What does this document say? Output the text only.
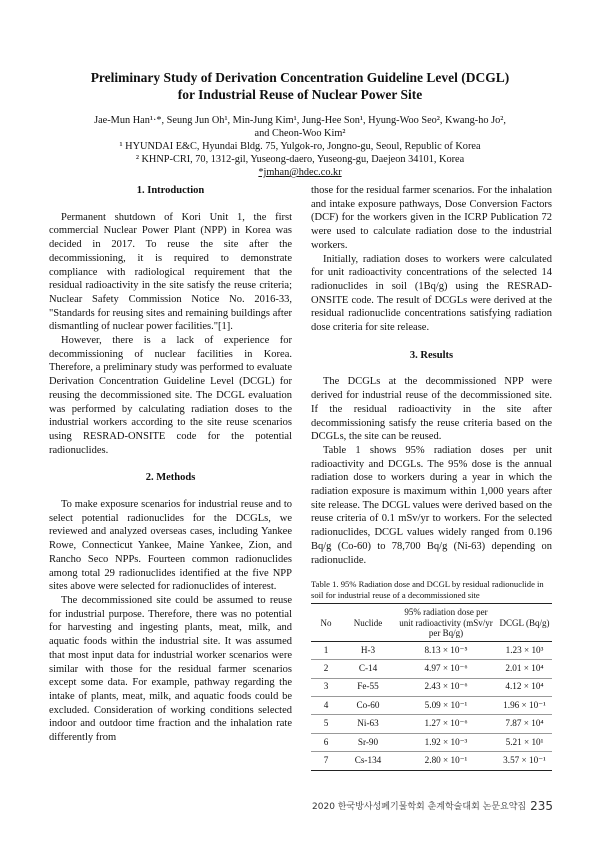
Preliminary Study of Derivation Concentration Guideline Level (DCGL)
for Industrial Reuse of Nuclear Power Site
Jae-Mun Han¹·*, Seung Jun Oh¹, Min-Jung Kim¹, Jung-Hee Son¹, Hyung-Woo Seo², Kwang-ho Jo²,
and Cheon-Woo Kim²
¹ HYUNDAI E&C, Hyundai Bldg. 75, Yulgok-ro, Jongno-gu, Seoul, Republic of Korea
² KHNP-CRI, 70, 1312-gil, Yuseong-daero, Yuseong-gu, Daejeon 34101, Korea
*jmhan@hdec.co.kr

1. Introduction

Permanent shutdown of Kori Unit 1, the first commercial Nuclear Power Plant (NPP) in Korea was decided in 2017. To reuse the site after the decommissioning, it is required to demonstrate compliance with radiological requirement that the residual radioactivity in the site satisfy the reuse criteria; Nuclear Safety Commission Notice No. 2016-33, "Standards for reusing sites and remaining buildings after dismantling of nuclear power facilities."[1].

However, there is a lack of experience for decommissioning of nuclear facilities in Korea. Therefore, a preliminary study was performed to evaluate Derivation Concentration Guideline Level (DCGL) for reusing the decommissioned site. The DCGL evaluation was performed by calculating radiation doses to the industrial workers according to the site reuse scenarios using RESRAD-ONSITE code for the potential radionuclides.

2. Methods

To make exposure scenarios for industrial reuse and to select potential radionuclides for the DCGLs, we reviewed and analyzed overseas cases, including Yankee Rowe, Connecticut Yankee, Maine Yankee, Zion, and Rancho Seco NPPs. Fourteen common radionuclides among total 29 radionuclides identified at the five NPP sites above were selected for radionuclides of interest.

The decommissioned site could be assumed to reuse for industrial purpose. Therefore, there was no potential for harvesting and ingesting plants, meat, milk, and aquatic foods within the industrial site. It was assumed that most input data for industrial worker scenarios were similar with those for the residual farmer scenarios except some data. For example, pathway regarding the intake of plants, meat, milk, and aquatic foods could be excluded. Consideration of working conditions selected indoor and outdoor time fraction and the inhalation rate differently from

those for the residual farmer scenarios. For the inhalation and intake exposure pathways, Dose Conversion Factors (DCF) for the workers given in the ICRP Publication 72 were used to calculate radiation dose to the industrial workers.

Initially, radiation doses to workers were calculated for unit radioactivity concentrations of the selected 14 radionuclides in soil (1Bq/g) using the RESRAD-ONSITE code. The result of DCGLs were derived at the residual radionuclide concentrations satisfying radiation dose criteria for site release.

3. Results

The DCGLs at the decommissioned NPP were derived for industrial reuse of the decommissioned site. If the residual radioactivity in the site after decommissioning satisfy the reuse criteria based on the DCGLs, the site can be reused.

Table 1 shows 95% radiation doses per unit radioactivity and DCGLs. The 95% dose is the annual radiation dose to workers during a year in which the radiation exposure is maximum within 1,000 years after site release. The DCGL values were derived based on the reuse criteria of 0.1 mSv/yr to workers. For the selected radionuclides, DCGL values widely ranged from 0.196 Bq/g (Co-60) to 78,700 Bq/g (Ni-63) depending on radionuclide.

Table 1. 95% Radiation dose and DCGL by residual radionuclide in soil for industrial reuse of a decommissioned site
No	Nuclide	95% radiation dose per unit radioactivity (mSv/yr per Bq/g)	DCGL (Bq/g)
1	H-3	8.13 × 10⁻⁵	1.23 × 10³
2	C-14	4.97 × 10⁻⁶	2.01 × 10⁴
3	Fe-55	2.43 × 10⁻⁶	4.12 × 10⁴
4	Co-60	5.09 × 10⁻¹	1.96 × 10⁻¹
5	Ni-63	1.27 × 10⁻⁶	7.87 × 10⁴
6	Sr-90	1.92 × 10⁻³	5.21 × 10¹
7	Cs-134	2.80 × 10⁻¹	3.57 × 10⁻¹
2020 한국방사성폐기물학회 춘계학술대회 논문요약집 235
